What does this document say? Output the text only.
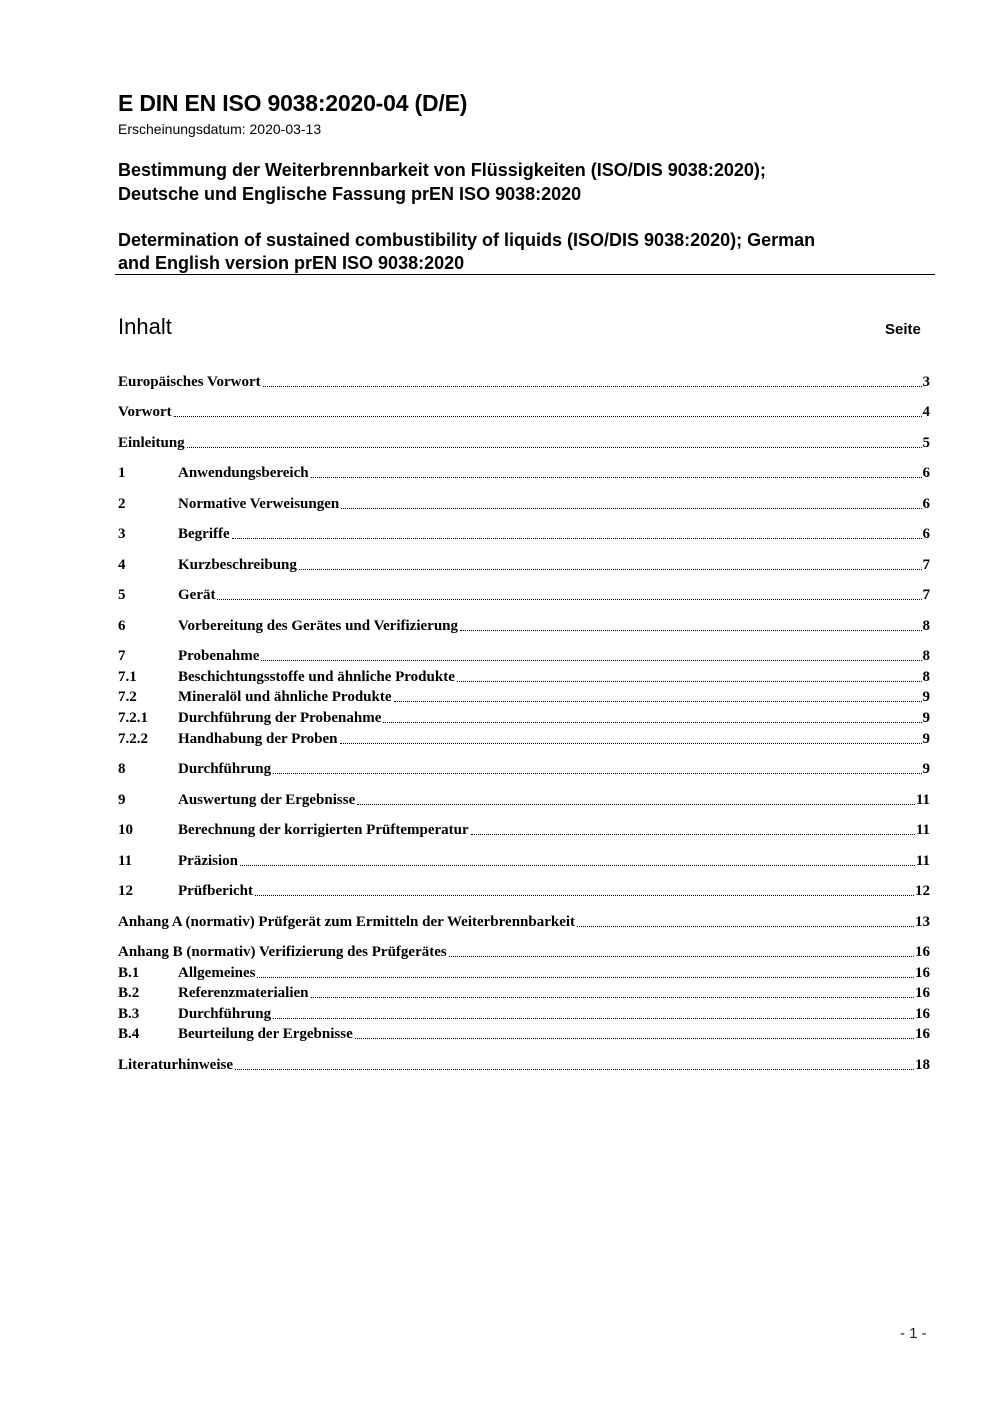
E DIN EN ISO 9038:2020-04 (D/E)
Erscheinungsdatum: 2020-03-13
Bestimmung der Weiterbrennbarkeit von Flüssigkeiten (ISO/DIS 9038:2020);
Deutsche und Englische Fassung prEN ISO 9038:2020
Determination of sustained combustibility of liquids (ISO/DIS 9038:2020); German
and English version prEN ISO 9038:2020
Inhalt	Seite
Europäisches Vorwort	3
Vorwort	4
Einleitung	5
1	Anwendungsbereich	6
2	Normative Verweisungen	6
3	Begriffe	6
4	Kurzbeschreibung	7
5	Gerät	7
6	Vorbereitung des Gerätes und Verifizierung	8
7	Probenahme	8
7.1	Beschichtungsstoffe und ähnliche Produkte	8
7.2	Mineralöl und ähnliche Produkte	9
7.2.1	Durchführung der Probenahme	9
7.2.2	Handhabung der Proben	9
8	Durchführung	9
9	Auswertung der Ergebnisse	11
10	Berechnung der korrigierten Prüftemperatur	11
11	Präzision	11
12	Prüfbericht	12
Anhang A (normativ) Prüfgerät zum Ermitteln der Weiterbrennbarkeit	13
Anhang B (normativ) Verifizierung des Prüfgerätes	16
B.1	Allgemeines	16
B.2	Referenzmaterialien	16
B.3	Durchführung	16
B.4	Beurteilung der Ergebnisse	16
Literaturhinweise	18
- 1 -
